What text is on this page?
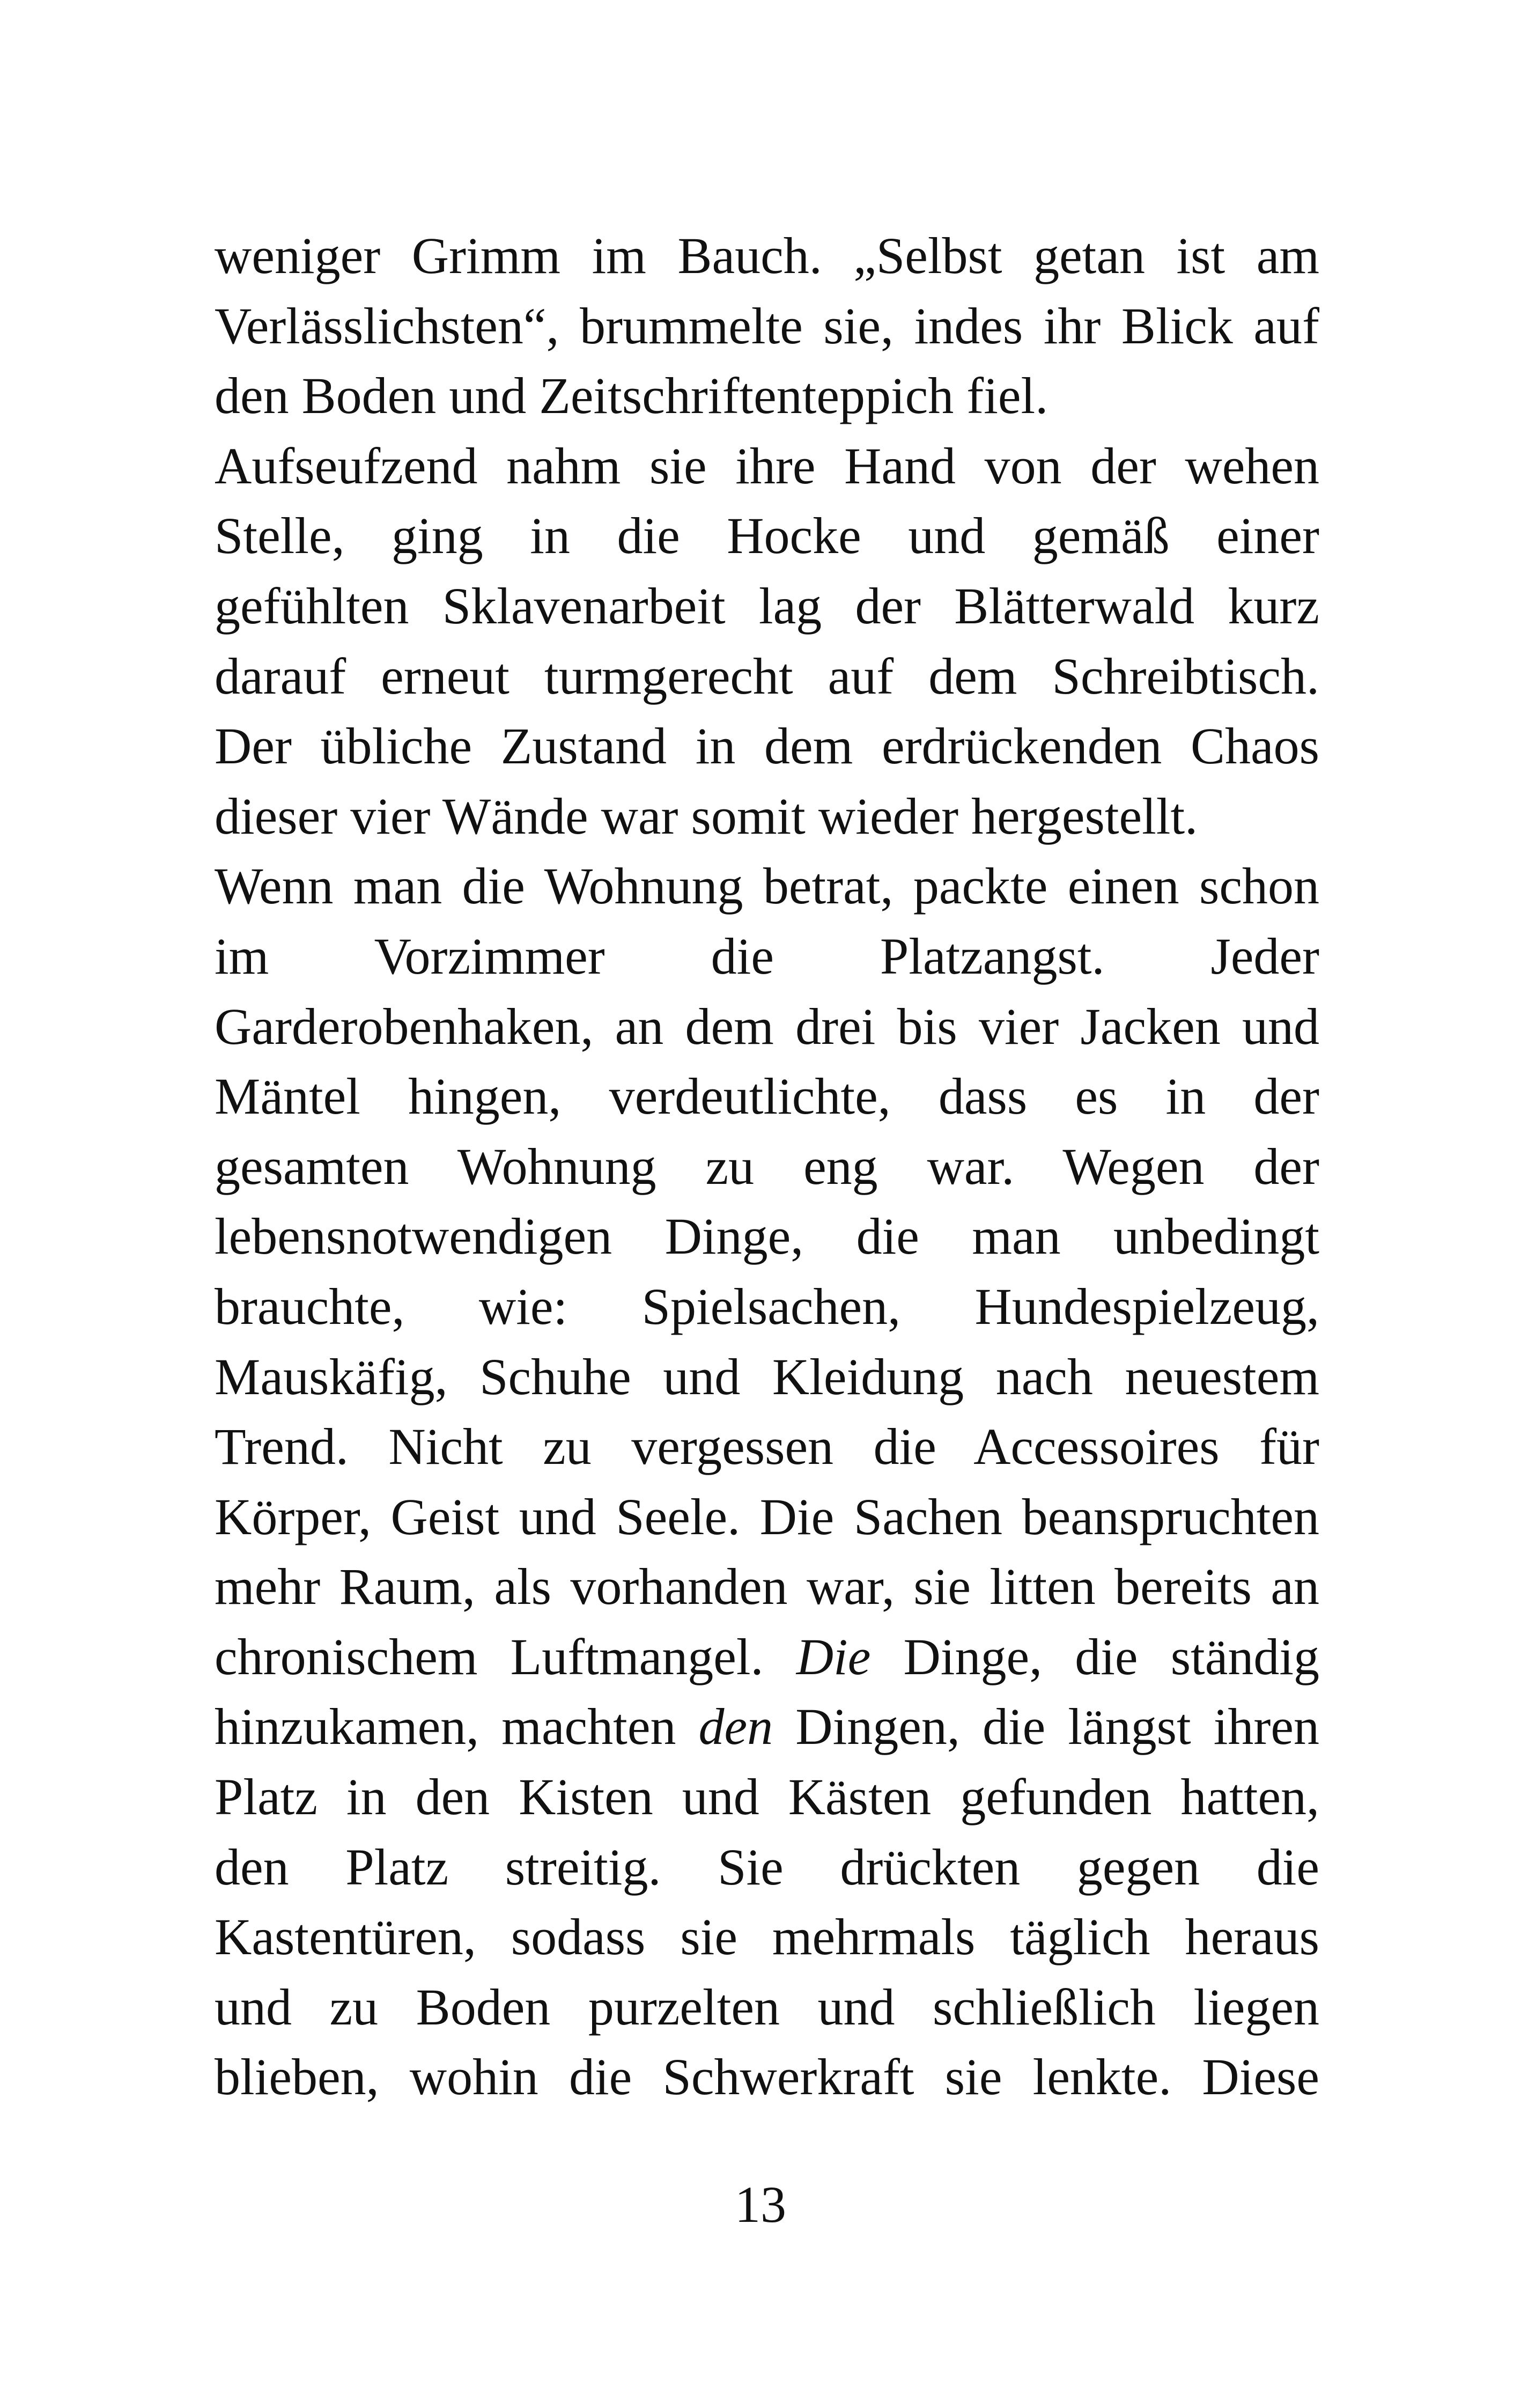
weniger Grimm im Bauch. „Selbst getan ist am
Verlässlichsten“, brummelte sie, indes ihr Blick auf
den Boden und Zeitschriftenteppich fiel.
Aufseufzend nahm sie ihre Hand von der wehen
Stelle, ging in die Hocke und gemäß einer
gefühlten Sklavenarbeit lag der Blätterwald kurz
darauf erneut turmgerecht auf dem Schreibtisch.
Der übliche Zustand in dem erdrückenden Chaos
dieser vier Wände war somit wieder hergestellt.
Wenn man die Wohnung betrat, packte einen schon
im Vorzimmer die Platzangst. Jeder
Garderobenhaken, an dem drei bis vier Jacken und
Mäntel hingen, verdeutlichte, dass es in der
gesamten Wohnung zu eng war. Wegen der
lebensnotwendigen Dinge, die man unbedingt
brauchte, wie: Spielsachen, Hundespielzeug,
Mauskäfig, Schuhe und Kleidung nach neuestem
Trend. Nicht zu vergessen die Accessoires für
Körper, Geist und Seele. Die Sachen beanspruchten
mehr Raum, als vorhanden war, sie litten bereits an
chronischem Luftmangel. Die Dinge, die ständig
hinzukamen, machten den Dingen, die längst ihren
Platz in den Kisten und Kästen gefunden hatten,
den Platz streitig. Sie drückten gegen die
Kastentüren, sodass sie mehrmals täglich heraus
und zu Boden purzelten und schließlich liegen
blieben, wohin die Schwerkraft sie lenkte. Diese
13
